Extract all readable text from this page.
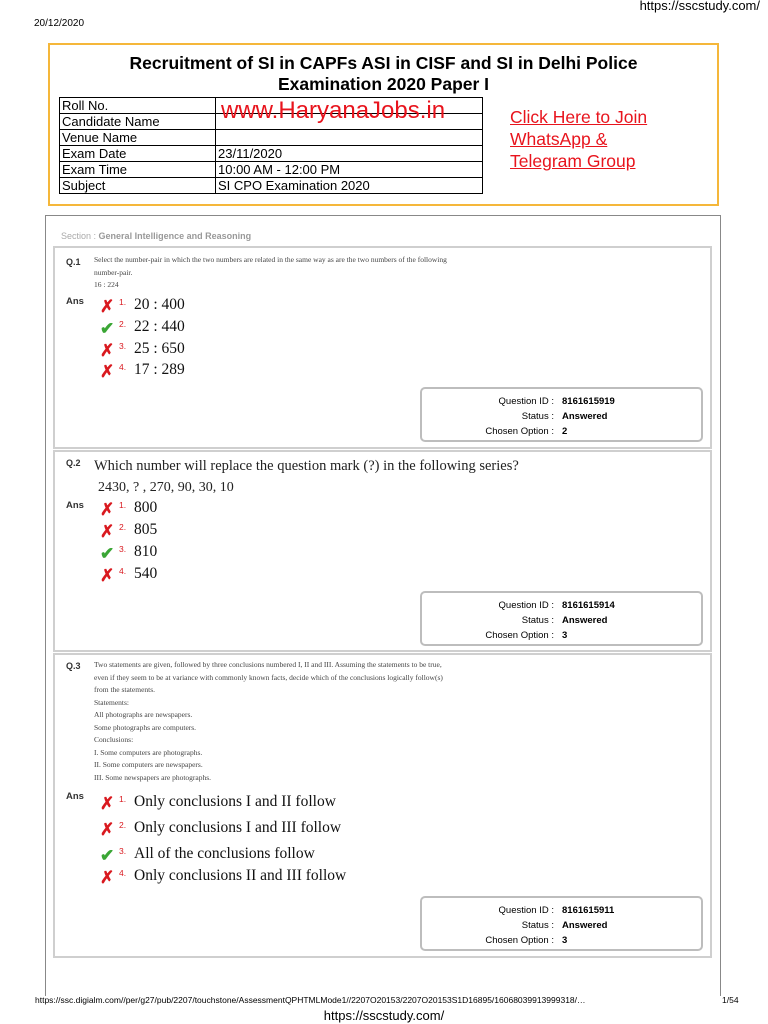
20/12/2020
https://sscstudy.com/
Recruitment of SI in CAPFs ASI in CISF and SI in Delhi Police
Examination 2020 Paper I
Roll No.	
Candidate Name	
Venue Name	
Exam Date	23/11/2020
Exam Time	10:00 AM - 12:00 PM
Subject	SI CPO Examination 2020
www.HaryanaJobs.in	Click Here to Join
WhatsApp &
Telegram Group
Section : General Intelligence and Reasoning
Q.1 Select the number-pair in which the two numbers are related in the same way as are the two numbers of the following
number-pair.
16 : 224
Ans ✗ 1. 20 : 400
✔ 2. 22 : 440
✗ 3. 25 : 650
✗ 4. 17 : 289
Question ID : 8161615919
Status : Answered
Chosen Option : 2
Q.2 Which number will replace the question mark (?) in the following series?
2430, ? , 270, 90, 30, 10
Ans ✗ 1. 800
✗ 2. 805
✔ 3. 810
✗ 4. 540
Question ID : 8161615914
Status : Answered
Chosen Option : 3
Q.3 Two statements are given, followed by three conclusions numbered I, II and III. Assuming the statements to be true,
even if they seem to be at variance with commonly known facts, decide which of the conclusions logically follow(s)
from the statements.
Statements:
All photographs are newspapers.
Some photographs are computers.
Conclusions:
I. Some computers are photographs.
II. Some computers are newspapers.
III. Some newspapers are photographs.
Ans ✗ 1. Only conclusions I and II follow
✗ 2. Only conclusions I and III follow
✔ 3. All of the conclusions follow
✗ 4. Only conclusions II and III follow
Question ID : 8161615911
Status : Answered
Chosen Option : 3
https://ssc.digialm.com//per/g27/pub/2207/touchstone/AssessmentQPHTMLMode1//2207O20153/2207O20153S1D16895/16068039913999318/…	1/54
https://sscstudy.com/
